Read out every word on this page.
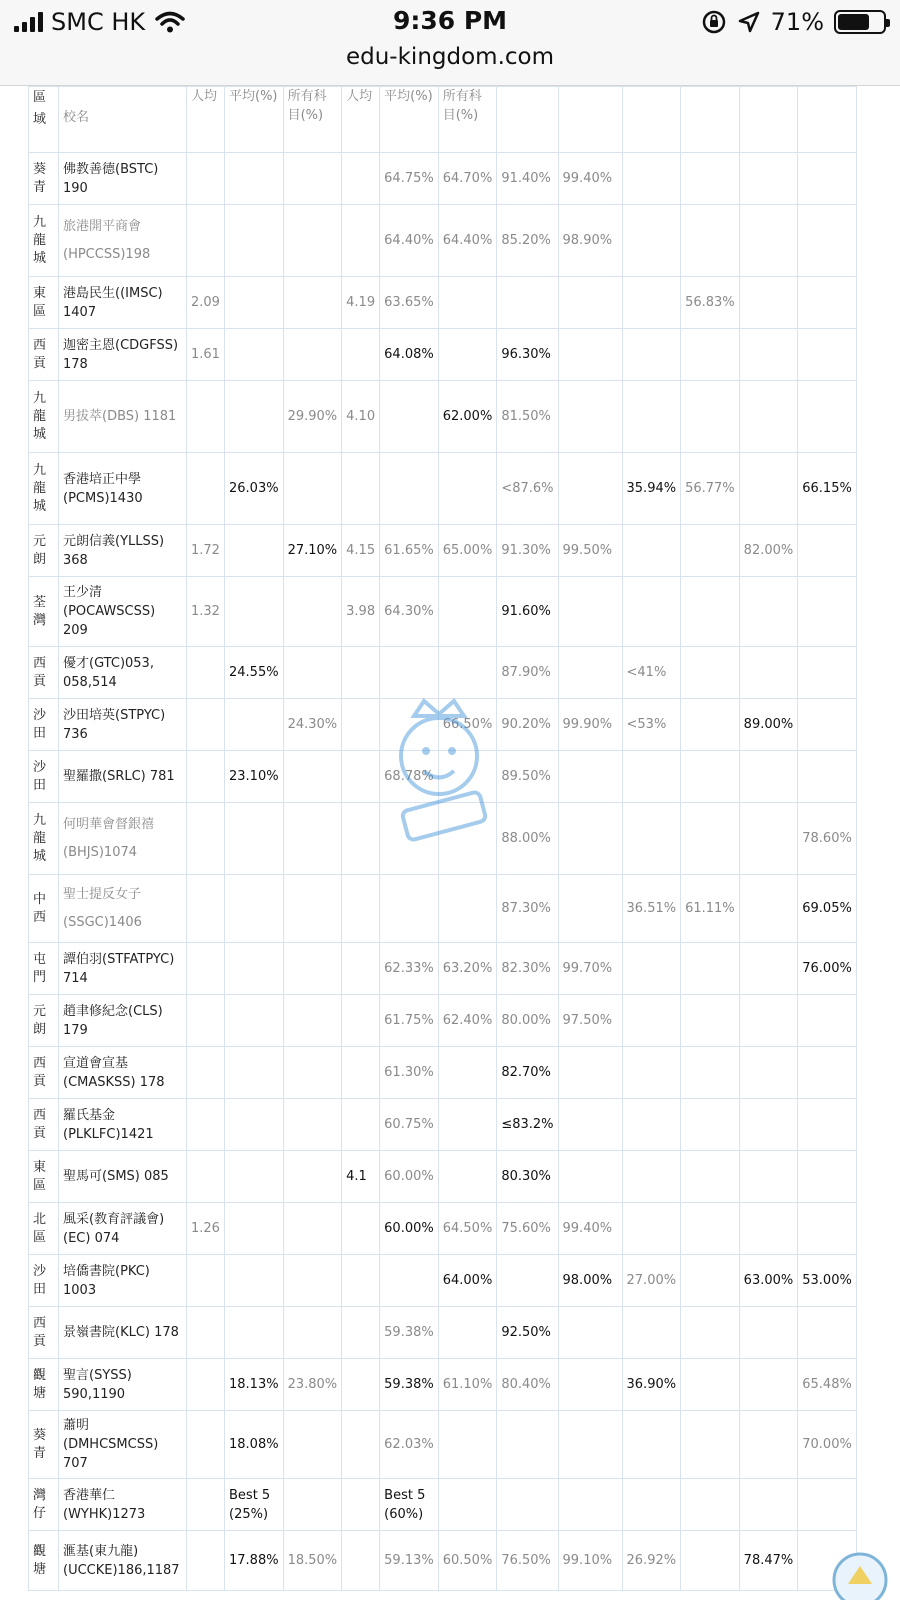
SMC HK	9:36 PM	71%
edu-kingdom.com
區域	校名	人均	平均(%)	所有科目(%)	人均	平均(%)	所有科目(%)						
葵青	佛教善德(BSTC) 190					64.75%	64.70%	91.40%	99.40%				
九龍城	旅港開平商會(HPCCSS)198					64.40%	64.40%	85.20%	98.90%				
東區	港島民生((IMSC) 1407	2.09			4.19	63.65%					56.83%		
西貢	迦密主恩(CDGFSS) 178	1.61				64.08%		96.30%					
九龍城	男拔萃(DBS) 1181			29.90%	4.10		62.00%	81.50%					
九龍城	香港培正中學(PCMS)1430		26.03%					<87.6%		35.94%	56.77%		66.15%
元朗	元朗信義(YLLSS) 368	1.72		27.10%	4.15	61.65%	65.00%	91.30%	99.50%			82.00%	
荃灣	王少清(POCAWSCSS) 209	1.32			3.98	64.30%		91.60%					
西貢	優才(GTC)053, 058,514		24.55%					87.90%		<41%			
沙田	沙田培英(STPYC) 736			24.30%			66.50%	90.20%	99.90%	<53%		89.00%	
沙田	聖羅撒(SRLC) 781		23.10%			68.78%		89.50%					
九龍城	何明華會督銀禧(BHJS)1074							88.00%					78.60%
中西	聖士提反女子(SSGC)1406							87.30%		36.51%	61.11%		69.05%
屯門	譚伯羽(STFATPYC) 714					62.33%	63.20%	82.30%	99.70%				76.00%
元朗	趙聿修紀念(CLS) 179					61.75%	62.40%	80.00%	97.50%				
西貢	宣道會宣基(CMASKSS) 178					61.30%		82.70%					
西貢	羅氏基金(PLKLFC)1421					60.75%		≤83.2%					
東區	聖馬可(SMS) 085				4.1	60.00%		80.30%					
北區	風采(教育評議會)(EC) 074	1.26				60.00%	64.50%	75.60%	99.40%				
沙田	培僑書院(PKC) 1003						64.00%		98.00%	27.00%		63.00%	53.00%
西貢	景嶺書院(KLC) 178					59.38%		92.50%					
觀塘	聖言(SYSS) 590,1190		18.13%	23.80%		59.38%	61.10%	80.40%		36.90%			65.48%
葵青	蕭明(DMHCSMCSS) 707		18.08%			62.03%							70.00%
灣仔	香港華仁(WYHK)1273		Best 5 (25%)			Best 5 (60%)							
觀塘	滙基(東九龍)(UCCKE)186,1187		17.88%	18.50%		59.13%	60.50%	76.50%	99.10%	26.92%		78.47%	
